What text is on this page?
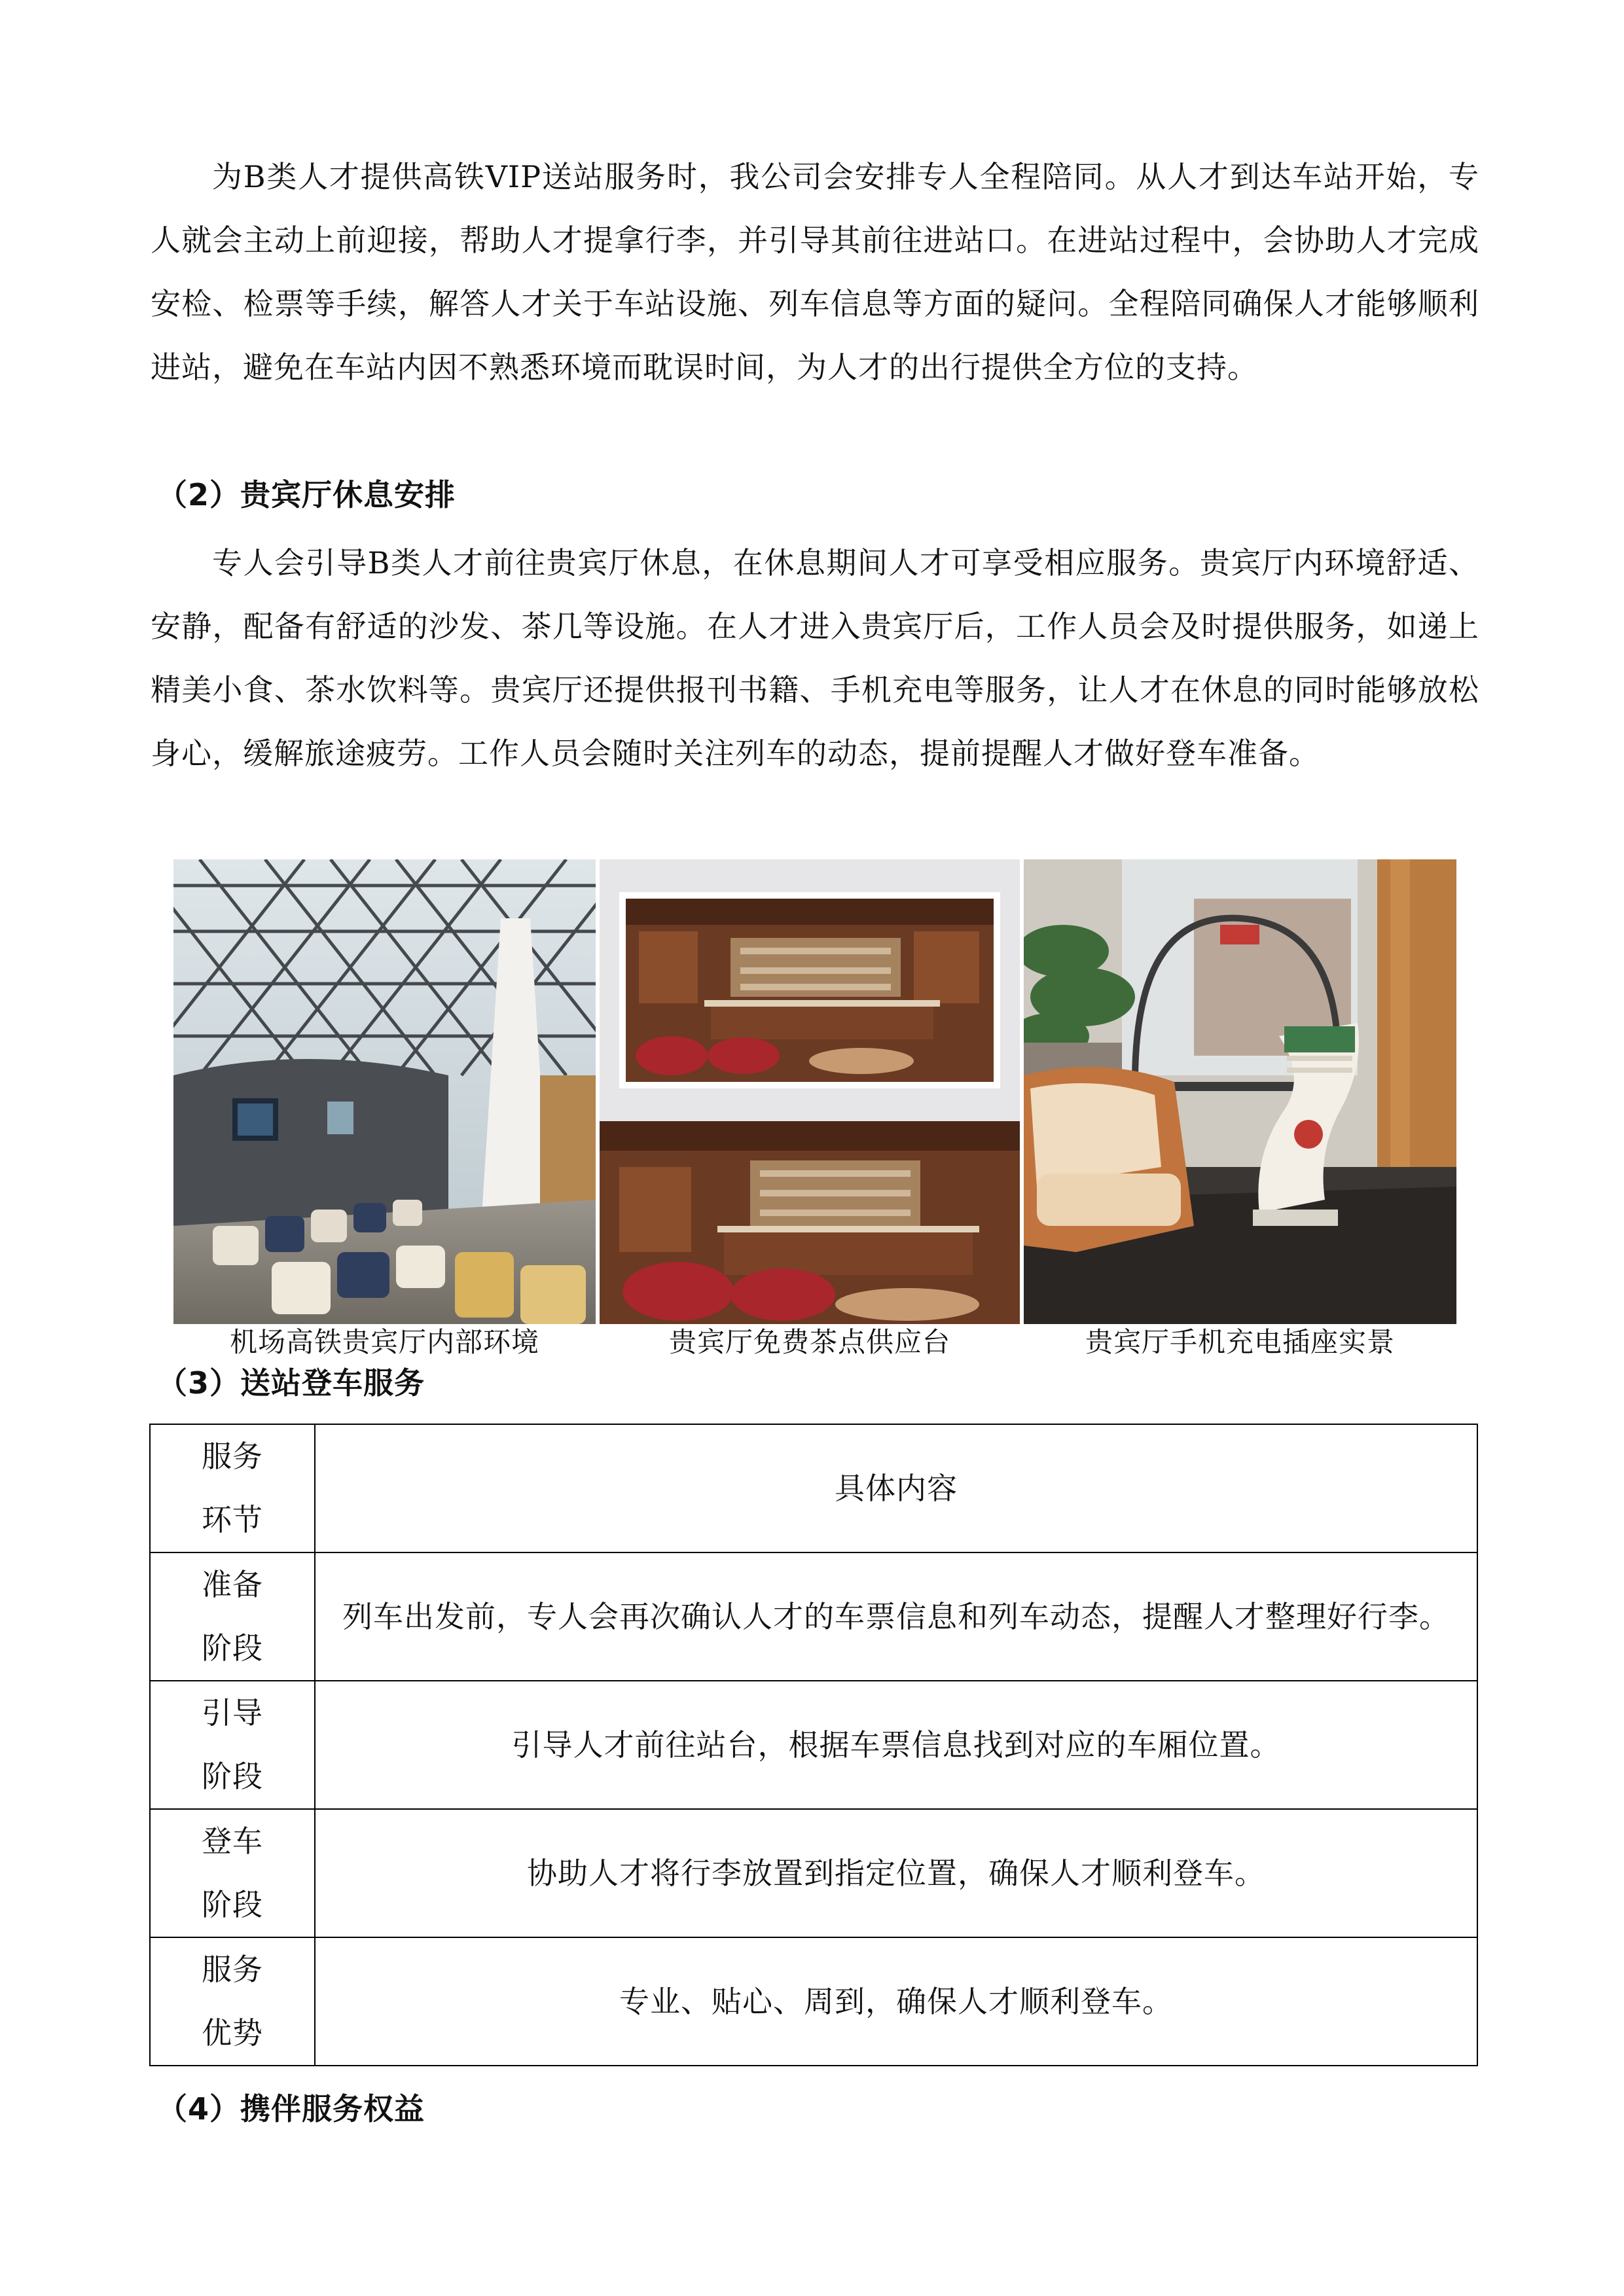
为B类人才提供高铁VIP送站服务时，我公司会安排专人全程陪同。从人才到达车站开始，专人就会主动上前迎接，帮助人才提拿行李，并引导其前往进站口。在进站过程中，会协助人才完成安检、检票等手续，解答人才关于车站设施、列车信息等方面的疑问。全程陪同确保人才能够顺利进站，避免在车站内因不熟悉环境而耽误时间，为人才的出行提供全方位的支持。

（2）贵宾厅休息安排

专人会引导B类人才前往贵宾厅休息，在休息期间人才可享受相应服务。贵宾厅内环境舒适、安静，配备有舒适的沙发、茶几等设施。在人才进入贵宾厅后，工作人员会及时提供服务，如递上精美小食、茶水饮料等。贵宾厅还提供报刊书籍、手机充电等服务，让人才在休息的同时能够放松身心，缓解旅途疲劳。工作人员会随时关注列车的动态，提前提醒人才做好登车准备。

机场高铁贵宾厅内部环境	贵宾厅免费茶点供应台	贵宾厅手机充电插座实景
（3）送站登车服务
服务环节	具体内容

准备阶段	列车出发前，专人会再次确认人才的车票信息和列车动态，提醒人才整理好行李。

引导阶段	引导人才前往站台，根据车票信息找到对应的车厢位置。

登车阶段	协助人才将行李放置到指定位置，确保人才顺利登车。

服务优势	专业、贴心、周到，确保人才顺利登车。
（4）携伴服务权益
